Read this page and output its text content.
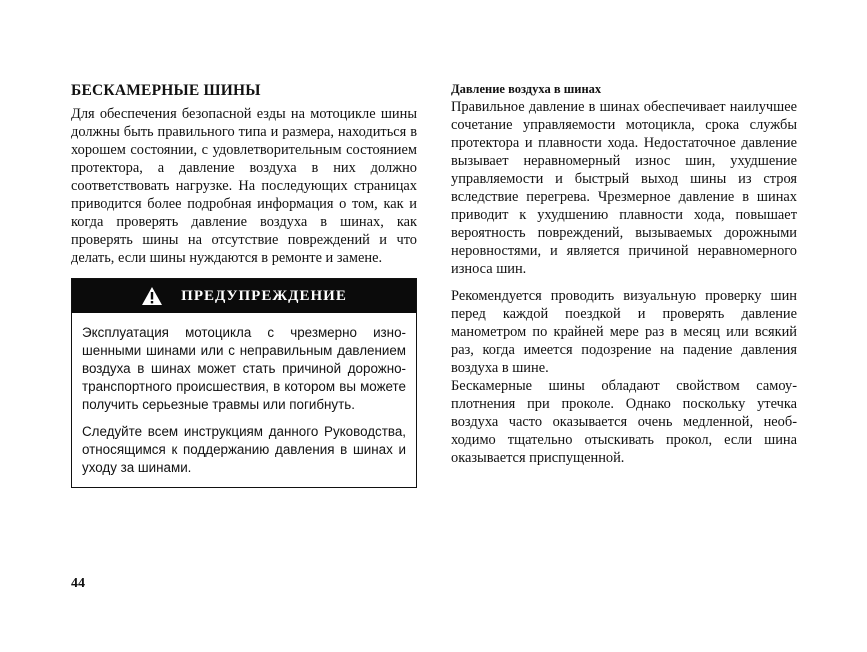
БЕСКАМЕРНЫЕ ШИНЫ

Для обеспечения безопасной езды на мотоцикле шины должны быть правильного типа и размера, находиться в хорошем состоянии, с удовлетворительным состоянием протектора, а давление воздуха в них должно соответствовать нагрузке. На последующих страницах приводится более подробная информация о том, как и когда проверять давление воздуха в шинах, как проверять шины на отсутствие повреждений и что делать, если шины нуждаются в ремонте и замене.

ПРЕДУПРЕЖДЕНИЕ

Эксплуатация мотоцикла с чрезмерно изношенными шинами или с неправильным давлением воздуха в шинах может стать причиной дорожно-транспортного происшествия, в котором вы можете получить серьезные травмы или погибнуть.

Следуйте всем инструкциям данного Руководства, относящимся к поддержанию давления в шинах и уходу за шинами.

Давление воздуха в шинах

Правильное давление в шинах обеспечивает наилучшее сочетание управляемости мотоцикла, срока службы протектора и плавности хода. Недостаточное давление вызывает неравномерный износ шин, ухудшение управляемости и быстрый выход шины из строя вследствие перегрева. Чрезмерное давление в шинах приводит к ухудшению плавности хода, повышает вероятность повреждений, вызываемых дорожными неровностями, и является причиной неравномерного износа шин.

Рекомендуется проводить визуальную проверку шин перед каждой поездкой и проверять давление манометром по крайней мере раз в месяц или всякий раз, когда имеется подозрение на падение давления воздуха в шине.

Бескамерные шины обладают свойством самоуплотнения при проколе. Однако поскольку утечка воздуха часто оказывается очень медленной, необходимо тщательно отыскивать прокол, если шина оказывается приспущенной.

44
